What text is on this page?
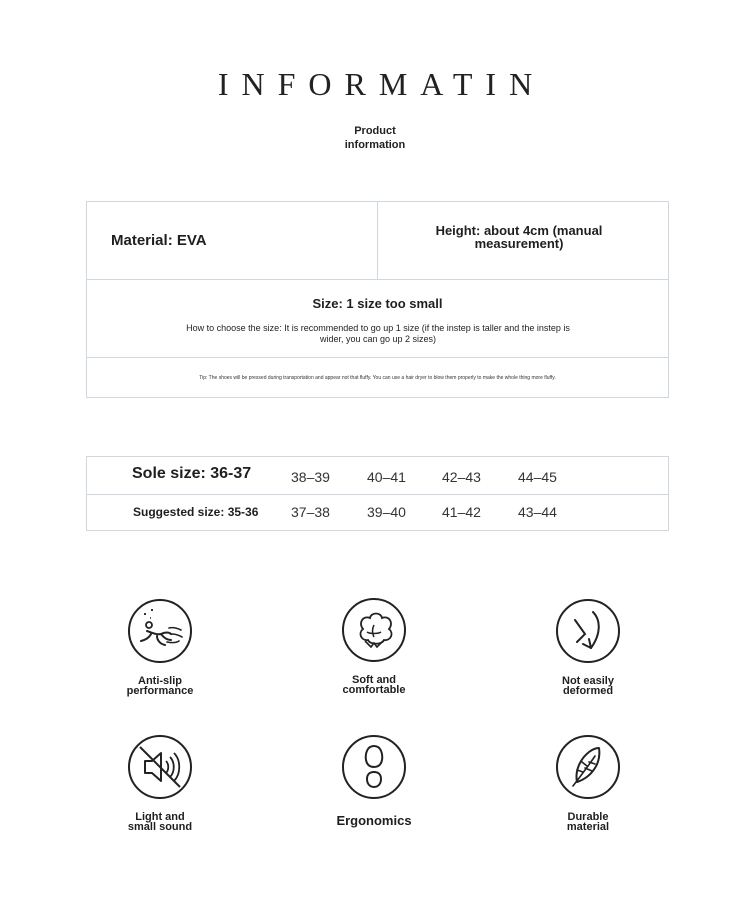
INFORMATIN
Product
information
Material: EVA
Height: about 4cm (manual
measurement)
Size: 1 size too small
How to choose the size: It is recommended to go up 1 size (if the instep is taller and the instep is
wider, you can go up 2 sizes)
Tip: The shoes will be pressed during transportation and appear not that fluffy. You can use a hair dryer to blow them properly to make the whole thing more fluffy.
Sole size: 36-37	38–39	40–41	42–43	44–45
Suggested size: 35-36 37–38	39–40	41–42	43–44
Anti-slip
performance
Soft and
comfortable
Not easily
deformed
Light and
small sound	Ergonomics	Durable
material
